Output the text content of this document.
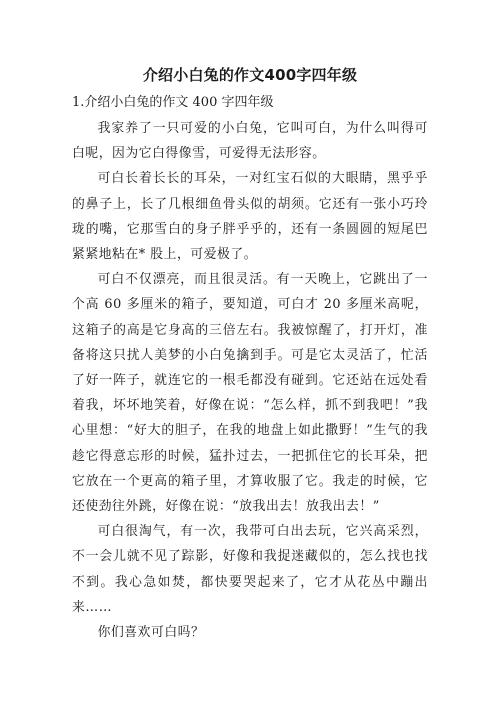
介绍小白兔的作文400字四年级
1.介绍小白兔的作文 400 字四年级

我家养了一只可爱的小白兔，它叫可白，为什么叫得可白呢，因为它白得像雪，可爱得无法形容。

可白长着长长的耳朵，一对红宝石似的大眼睛，黑乎乎的鼻子上，长了几根细鱼骨头似的胡须。它还有一张小巧玲珑的嘴，它那雪白的身子胖乎乎的，还有一条圆圆的短尾巴紧紧地粘在* 股上，可爱极了。

可白不仅漂亮，而且很灵活。有一天晚上，它跳出了一个高 60 多厘米的箱子，要知道，可白才 20 多厘米高呢，这箱子的高是它身高的三倍左右。我被惊醒了，打开灯，准备将这只扰人美梦的小白兔擒到手。可是它太灵活了，忙活了好一阵子，就连它的一根毛都没有碰到。它还站在远处看着我，坏坏地笑着，好像在说：“怎么样，抓不到我吧！”我心里想：“好大的胆子，在我的地盘上如此撒野！”生气的我趁它得意忘形的时候，猛扑过去，一把抓住它的长耳朵，把它放在一个更高的箱子里，才算收服了它。我走的时候，它还使劲往外跳，好像在说：“放我出去！放我出去！”

可白很淘气，有一次，我带可白出去玩，它兴高采烈，不一会儿就不见了踪影，好像和我捉迷藏似的，怎么找也找不到。我心急如焚，都快要哭起来了，它才从花丛中蹦出来……

你们喜欢可白吗？
